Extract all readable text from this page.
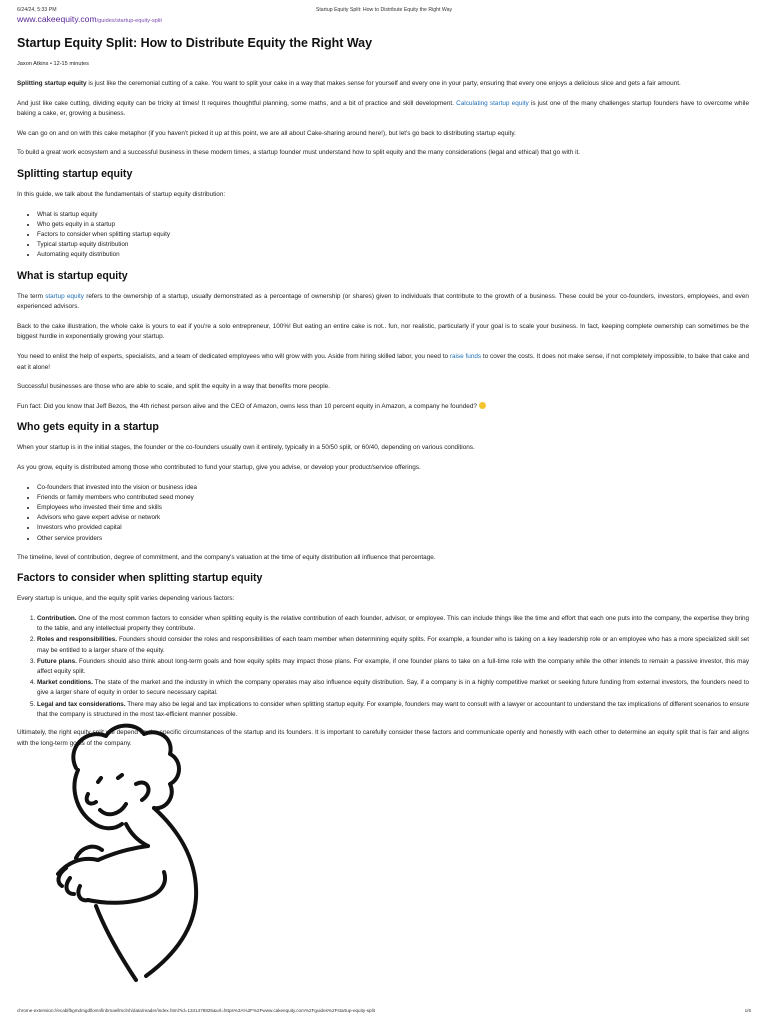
6/24/24, 5:33 PM	Startup Equity Split: How to Distribute Equity the Right Way
www.cakeequity.com/guides/startup-equity-split
Startup Equity Split: How to Distribute Equity the Right Way
Jaxon Atkins • 12-15 minutes

Splitting startup equity is just like the ceremonial cutting of a cake. You want to split your cake in a way that makes sense for yourself and every one in your party, ensuring that every one enjoys a delicious slice and gets a fair amount.

And just like cake cutting, dividing equity can be tricky at times! It requires thoughtful planning, some maths, and a bit of practice and skill development. Calculating startup equity is just one of the many challenges startup founders have to overcome while baking a cake, er, growing a business.

We can go on and on with this cake metaphor (if you haven't picked it up at this point, we are all about Cake-sharing around here!), but let's go back to distributing startup equity.

To build a great work ecosystem and a successful business in these modern times, a startup founder must understand how to split equity and the many considerations (legal and ethical) that go with it.

Splitting startup equity

In this guide, we talk about the fundamentals of startup equity distribution:

• What is startup equity
• Who gets equity in a startup
• Factors to consider when splitting startup equity
• Typical startup equity distribution
• Automating equity distribution
What is startup equity

The term startup equity refers to the ownership of a startup, usually demonstrated as a percentage of ownership (or shares) given to individuals that contribute to the growth of a business. These could be your co-founders, investors, employees, and even experienced advisors.

Back to the cake illustration, the whole cake is yours to eat if you're a solo entrepreneur, 100%! But eating an entire cake is not.. fun, nor realistic, particularly if your goal is to scale your business. In fact, keeping complete ownership can sometimes be the biggest hurdle in exponentially growing your startup.

You need to enlist the help of experts, specialists, and a team of dedicated employees who will grow with you. Aside from hiring skilled labor, you need to raise funds to cover the costs. It does not make sense, if not completely impossible, to bake that cake and eat it alone!

Successful businesses are those who are able to scale, and split the equity in a way that benefits more people.

Fun fact: Did you know that Jeff Bezos, the 4th richest person alive and the CEO of Amazon, owns less than 10 percent equity in Amazon, a company he founded?

Who gets equity in a startup

When your startup is in the initial stages, the founder or the co-founders usually own it entirely, typically in a 50/50 split, or 60/40, depending on various conditions.

As you grow, equity is distributed among those who contributed to fund your startup, give you advise, or develop your product/service offerings.

• Co-founders that invested into the vision or business idea
• Friends or family members who contributed seed money
• Employees who invested their time and skills
• Advisors who gave expert advise or network
• Investors who provided capital
• Other service providers

The timeline, level of contribution, degree of commitment, and the company's valuation at the time of equity distribution all influence that percentage.

Factors to consider when splitting startup equity

Every startup is unique, and the equity split varies depending various factors:

1. Contribution. One of the most common factors to consider when splitting equity is the relative contribution of each founder, advisor, or employee. This can include things like the time and effort that each one puts into the company, the expertise they bring to the table, and any intellectual property they contribute.
2. Roles and responsibilities. Founders should consider the roles and responsibilities of each team member when determining equity splits. For example, a founder who is taking on a key leadership role or an employee who has a more specialized skill set may be entitled to a larger share of the equity.
3. Future plans. Founders should also think about long-term goals and how equity splits may impact those plans. For example, if one founder plans to take on a full-time role with the company while the other intends to remain a passive investor, this may affect equity split.
4. Market conditions. The state of the market and the industry in which the company operates may also influence equity distribution. Say, if a company is in a highly competitive market or seeking future funding from external investors, the founders need to give a larger share of equity in order to secure necessary capital.
5. Legal and tax considerations. There may also be legal and tax implications to consider when splitting startup equity. For example, founders may want to consult with a lawyer or accountant to understand the tax implications of different scenarios to ensure that the company is structured in the most tax-efficient manner possible.

Ultimately, the right equity split will depend on the specific circumstances of the startup and its founders. It is important to carefully consider these factors and communicate openly and honestly with each other to determine an equity split that is fair and aligns with the long-term goals of the company.

chrome-extension://ecabifbgmdmgdllomnfinbmaellmclnh/data/reader/index.html?id=1341478825&url=https%3A%2F%2Fwww.cakeequity.com%2Fguides%2Fstartup-equity-split	1/6
